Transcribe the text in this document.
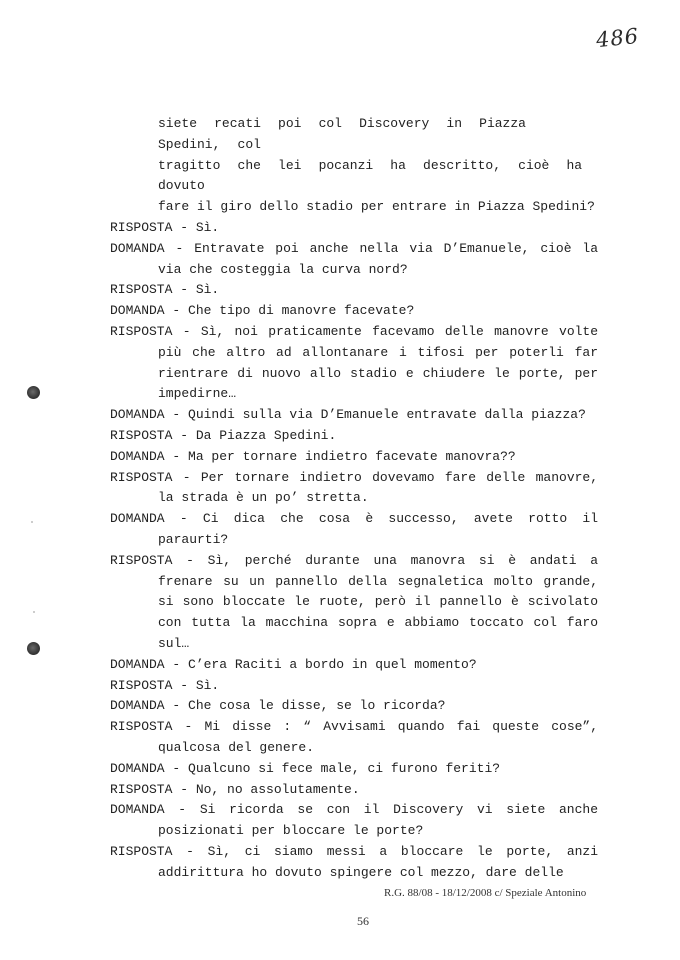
486
siete recati poi col Discovery in Piazza Spedini, col
tragitto che lei pocanzi ha descritto, cioè ha dovuto
fare il giro dello stadio per entrare in Piazza Spedini?
RISPOSTA - Sì.
DOMANDA - Entravate poi anche nella via D’Emanuele, cioè la
via che costeggia la curva nord?
RISPOSTA - Sì.
DOMANDA - Che tipo di manovre facevate?
RISPOSTA - Sì, noi praticamente facevamo delle manovre volte
più che altro ad allontanare i tifosi per poterli far
rientrare di nuovo allo stadio e chiudere le porte, per
impedirne…
DOMANDA - Quindi sulla via D’Emanuele entravate dalla piazza?
RISPOSTA - Da Piazza Spedini.
DOMANDA - Ma per tornare indietro facevate manovra??
RISPOSTA - Per tornare indietro dovevamo fare delle manovre,
la strada è un po’ stretta.
DOMANDA - Ci dica che cosa è successo, avete rotto il
paraurti?
RISPOSTA - Sì, perché durante una manovra si è andati a
frenare su un pannello della segnaletica molto grande,
si sono bloccate le ruote, però il pannello è scivolato
con tutta la macchina sopra e abbiamo toccato col faro
sul…
DOMANDA - C’era Raciti a bordo in quel momento?
RISPOSTA - Sì.
DOMANDA - Che cosa le disse, se lo ricorda?
RISPOSTA - Mi disse : “ Avvisami quando fai queste cose”,
qualcosa del genere.
DOMANDA - Qualcuno si fece male, ci furono feriti?
RISPOSTA - No, no assolutamente.
DOMANDA - Si ricorda se con il Discovery vi siete anche
posizionati per bloccare le porte?
RISPOSTA - Sì, ci siamo messi a bloccare le porte, anzi
addirittura ho dovuto spingere col mezzo, dare delle
R.G. 88/08 - 18/12/2008 c/ Speziale Antonino
56
